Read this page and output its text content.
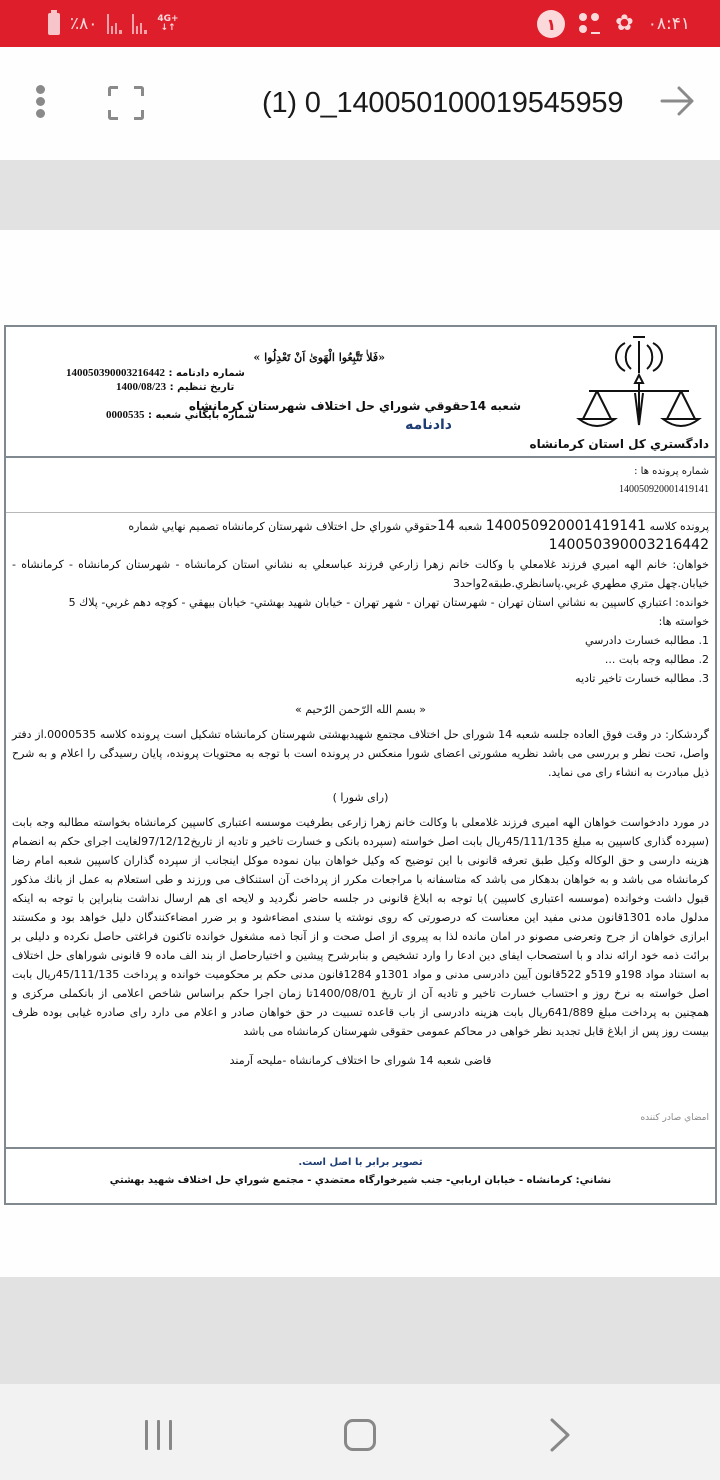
٪۸۰	4G+
↓↑	۱	✿ ۰۸:۴۱
(1) 0_140050100019545959
دادگستري كل استان كرمانشاه
«فَلاٰ تَتَّبِعُوا الْهَوىٰ اَنْ تَعْدِلُوا »
شعبه 14حقوقي شوراي حل اختلاف شهرستان كرمانشاه
دادنامه
شماره دادنامه : 140050390003216442
تاريخ تنظيم : 1400/08/23
شماره بايگاني شعبه : 0000535
شماره پرونده ها :
140050920001419141

پرونده كلاسه 140050920001419141 شعبه 14حقوقي شوراي حل اختلاف شهرستان كرمانشاه تصميم نهايي شماره

140050390003216442

خواهان: خانم الهه اميري فرزند غلامعلي با وكالت خانم زهرا زارعي فرزند عباسعلي به نشاني استان كرمانشاه - شهرستان كرمانشاه - كرمانشاه - خيابان.چهل متري مطهري غربي.پاسانظري.طبقه2واحد3

خوانده: اعتباري كاسپين به نشاني استان تهران - شهرستان تهران - شهر تهران - خيابان شهيد بهشتي- خيابان بيهقي - كوچه دهم غربي- پلاك 5

خواسته ها:

1. مطالبه خسارت دادرسي

2. مطالبه وجه بابت ...

3. مطالبه خسارت تاخير تاديه

« بسم الله الرّحمن الرّحيم »

گردشكار: در وقت فوق العاده جلسه شعبه 14 شورای حل اختلاف مجتمع شهيدبهشتی شهرستان كرمانشاه تشكيل است پرونده كلاسه 0000535.از دفتر واصل، تحت نظر و بررسی می باشد نظريه مشورتی اعضای شورا منعكس در پرونده است با توجه به محتويات پرونده، پايان رسيدگی را اعلام و به شرح ذيل مبادرت به انشاء رای می نمايد.

(رای شورا )

در مورد دادخواست خواهان الهه اميری فرزند غلامعلی با وكالت خانم زهرا زارعی بطرفيت موسسه اعتباری كاسپين كرمانشاه بخواسته مطالبه وجه بابت (سپرده گذاری كاسپين به مبلغ 45/111/135ريال بابت اصل خواسته (سپرده بانكی و خسارت تاخير و تاديه از تاريخ97/12/12لغايت اجرای حكم به انضمام هزينه دارسی و حق الوكاله وكيل طبق تعرفه قانونی با اين توضيح كه وكيل خواهان بيان نموده موكل اينجانب از سپرده گذاران كاسپين شعبه امام رضا كرمانشاه می باشد و به خواهان بدهكار می باشد كه متاسفانه با مراجعات مكرر از پرداخت آن استنكاف می ورزند و طی استعلام به عمل از بانك مذكور قبول داشت وخوانده (موسسه اعتباری كاسپين )با توجه به ابلاغ قانونی در جلسه حاضر نگرديد و لايحه ای هم ارسال نداشت بنابراين با توجه به اينكه مدلول ماده 1301قانون مدنی مفيد اين معناست كه درصورتی كه روی نوشته يا سندی امضاءشود و بر ضرر امضاءكنندگان دليل خواهد بود و مكستند ابرازی خواهان از جرح وتعرضی مصونو در امان مانده لذا به پيروی از اصل صحت و از آنجا ذمه مشغول خوانده تاكنون فراغتی حاصل نكرده و دليلی بر برائت ذمه خود ارائه نداد و با استصحاب ايفای دين ادعا را وارد تشخيص و بنابرشرح پيشين و اختيارحاصل از بند الف ماده 9 قانونی شوراهای حل اختلاف به استناد مواد 198و 519و 522قانون آيين دادرسی مدنی و مواد 1301و 1284قانون مدنی حكم بر محكوميت خوانده و پرداخت 45/111/135ريال بابت اصل خواسته به نرخ روز و احتساب خسارت تاخير و تاديه آن از تاريخ 1400/08/01تا زمان اجرا حكم براساس شاخص اعلامی از بانكملی مركزی و همچنين به پرداخت مبلغ 641/889ريال بابت هزينه دادرسی از باب قاعده تسبيت در حق خواهان صادر و اعلام می دارد رای صادره غيابی بوده ظرف بيست روز پس از ابلاغ قابل تجديد نظر خواهی در محاكم عمومی حقوقی شهرستان كرمانشاه می باشد

قاضی شعبه 14 شورای حا اختلاف كرمانشاه -مليحه آرمند

امضاي صادر كننده
تصوير برابر با اصل است.
نشاني: كرمانشاه - خيابان اربابي- جنب شيرخوارگاه معتضدي - مجتمع شوراي حل اختلاف شهيد بهشتي
